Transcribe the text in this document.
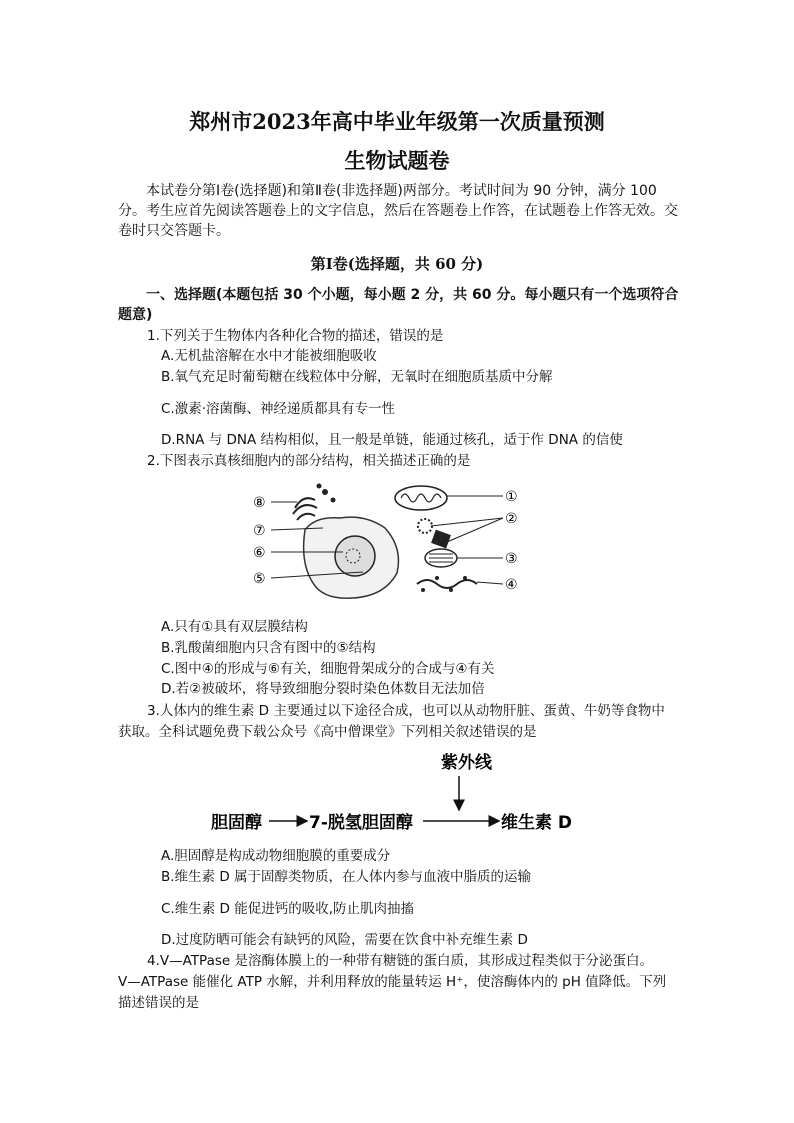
郑州市2023年高中毕业年级第一次质量预测
生物试题卷
本试卷分第Ⅰ卷(选择题)和第Ⅱ卷(非选择题)两部分。考试时间为 90 分钟，满分 100 分。考生应首先阅读答题卷上的文字信息，然后在答题卷上作答，在试题卷上作答无效。交卷时只交答题卡。
第Ⅰ卷(选择题，共 60 分)
一、选择题(本题包括 30 个小题，每小题 2 分，共 60 分。每小题只有一个选项符合题意)
1.下列关于生物体内各种化合物的描述，错误的是
A.无机盐溶解在水中才能被细胞吸收
B.氧气充足时葡萄糖在线粒体中分解，无氧时在细胞质基质中分解
C.激素·溶菌酶、神经递质都具有专一性
D.RNA 与 DNA 结构相似，且一般是单链，能通过核孔，适于作 DNA 的信使
2.下图表示真核细胞内的部分结构，相关描述正确的是
⑧
⑦
⑥
⑤
①
②
③
④
A.只有①具有双层膜结构
B.乳酸菌细胞内只含有图中的⑤结构
C.图中④的形成与⑥有关，细胞骨架成分的合成与④有关
D.若②被破坏，将导致细胞分裂时染色体数目无法加倍
3.人体内的维生素 D 主要通过以下途径合成，也可以从动物肝脏、蛋黄、牛奶等食物中
获取。全科试题免费下载公众号《高中僧课堂》下列相关叙述错误的是
紫外线
胆固醇	7-脱氢胆固醇	维生素 D
A.胆固醇是构成动物细胞膜的重要成分
B.维生素 D 属于固醇类物质，在人体内参与血液中脂质的运输
C.维生素 D 能促进钙的吸收,防止肌肉抽搐
D.过度防晒可能会有缺钙的风险，需要在饮食中补充维生素 D
4.V—ATPase 是溶酶体膜上的一种带有糖链的蛋白质，其形成过程类似于分泌蛋白。
V—ATPase 能催化 ATP 水解，并利用释放的能量转运 H⁺，使溶酶体内的 pH 值降低。下列
描述错误的是
